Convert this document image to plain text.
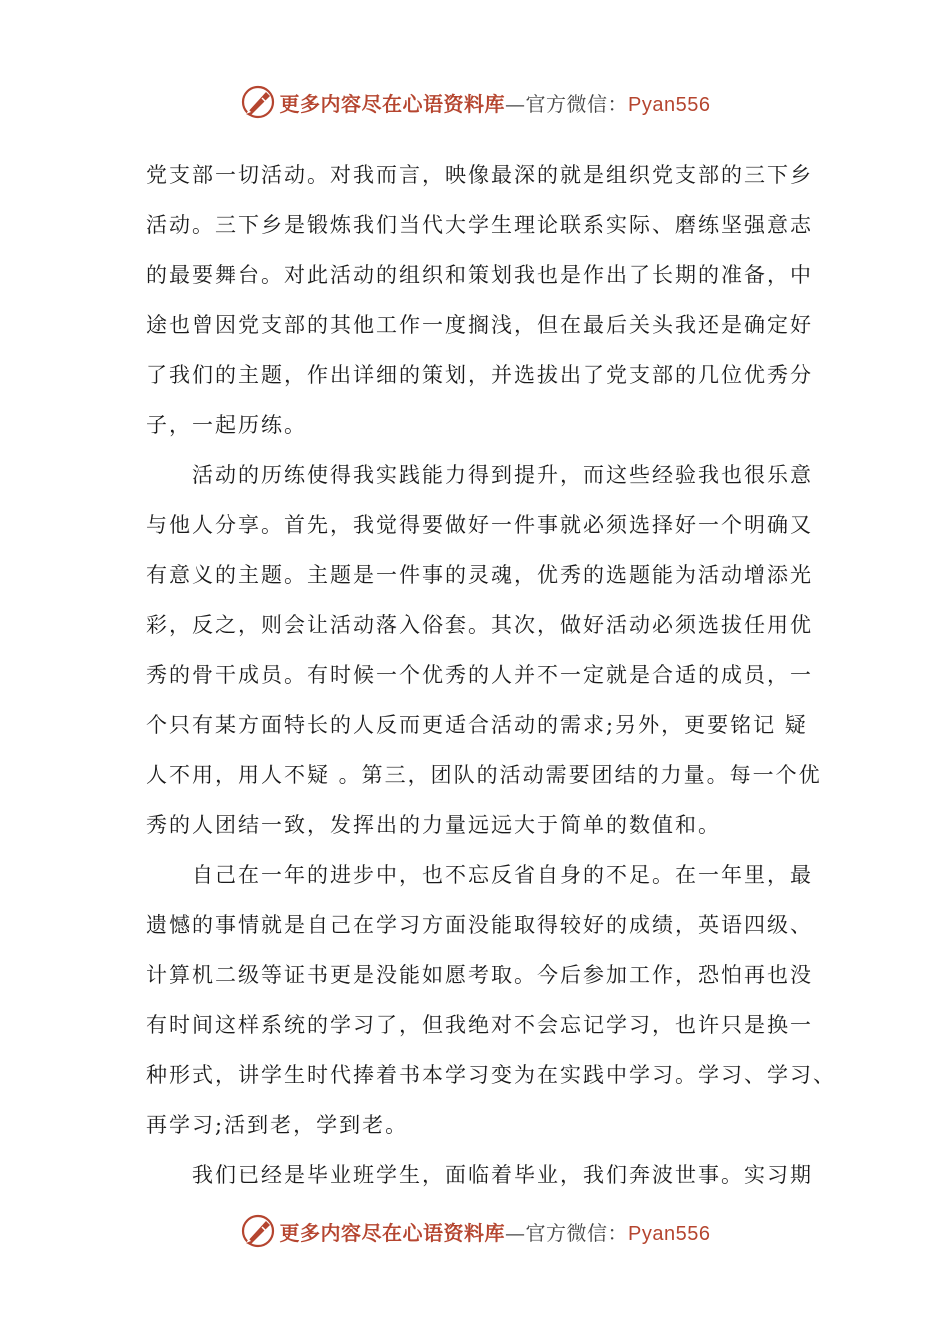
更多内容尽在心语资料库—官方微信：Pyan556
党支部一切活动。对我而言，映像最深的就是组织党支部的三下乡
活动。三下乡是锻炼我们当代大学生理论联系实际、磨练坚强意志
的最要舞台。对此活动的组织和策划我也是作出了长期的准备，中
途也曾因党支部的其他工作一度搁浅，但在最后关头我还是确定好
了我们的主题，作出详细的策划，并选拔出了党支部的几位优秀分
子，一起历练。
　　活动的历练使得我实践能力得到提升，而这些经验我也很乐意
与他人分享。首先，我觉得要做好一件事就必须选择好一个明确又
有意义的主题。主题是一件事的灵魂，优秀的选题能为活动增添光
彩，反之，则会让活动落入俗套。其次，做好活动必须选拔任用优
秀的骨干成员。有时候一个优秀的人并不一定就是合适的成员，一
个只有某方面特长的人反而更适合活动的需求;另外，更要铭记 疑
人不用，用人不疑 。第三，团队的活动需要团结的力量。每一个优
秀的人团结一致，发挥出的力量远远大于简单的数值和。
　　自己在一年的进步中，也不忘反省自身的不足。在一年里，最
遗憾的事情就是自己在学习方面没能取得较好的成绩，英语四级、
计算机二级等证书更是没能如愿考取。今后参加工作，恐怕再也没
有时间这样系统的学习了，但我绝对不会忘记学习，也许只是换一
种形式，讲学生时代捧着书本学习变为在实践中学习。学习、学习、
再学习;活到老，学到老。
　　我们已经是毕业班学生，面临着毕业，我们奔波世事。实习期
更多内容尽在心语资料库—官方微信：Pyan556
